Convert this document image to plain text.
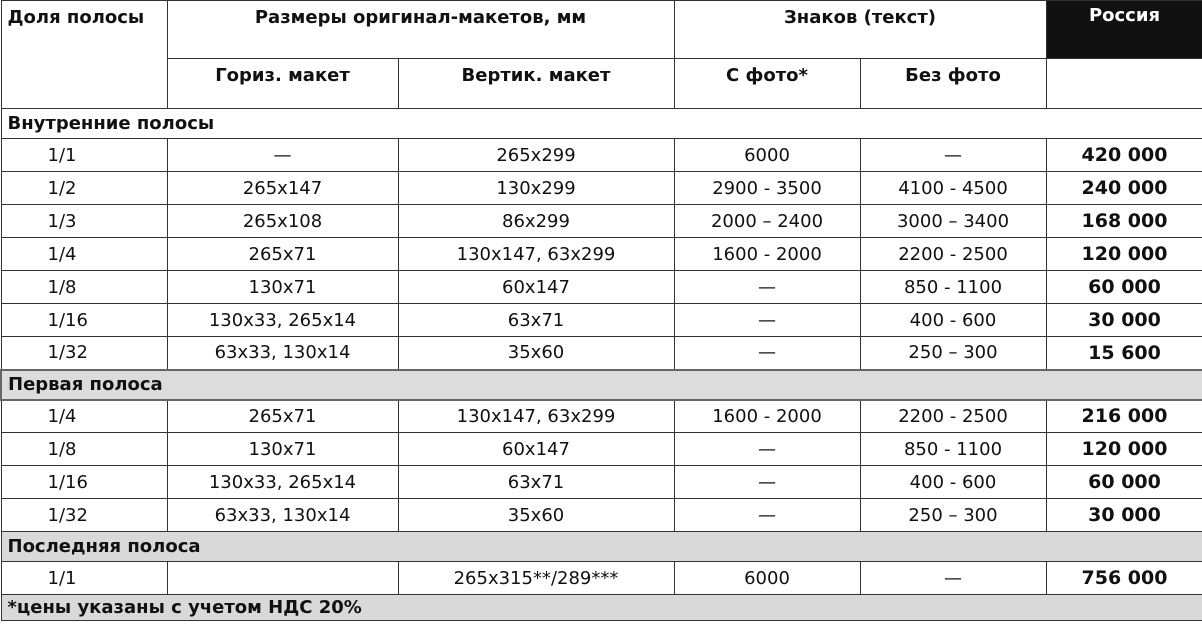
Доля полосы	Размеры оригинал-макетов, мм		Знаков (текст)		Россия
	Гориз. макет	Вертик. макет	С фото*	Без фото	
Внутренние полосы					
1/1	—	265x299	6000	—	420 000
1/2	265x147	130x299	2900 - 3500	4100 - 4500	240 000
1/3	265x108	86x299	2000 – 2400	3000 – 3400	168 000
1/4	265x71	130x147, 63x299	1600 - 2000	2200 - 2500	120 000
1/8	130x71	60x147	—	850 - 1100	60 000
1/16	130x33, 265x14	63x71	—	400 - 600	30 000
1/32	63x33, 130x14	35x60	—	250 – 300	15 600
Первая полоса					
1/4	265x71	130x147, 63x299	1600 - 2000	2200 - 2500	216 000
1/8	130x71	60x147	—	850 - 1100	120 000
1/16	130x33, 265x14	63x71	—	400 - 600	60 000
1/32	63x33, 130x14	35x60	—	250 – 300	30 000
Последняя полоса					
1/1		265x315**/289***	6000	—	756 000
*цены указаны с учетом НДС 20%					
